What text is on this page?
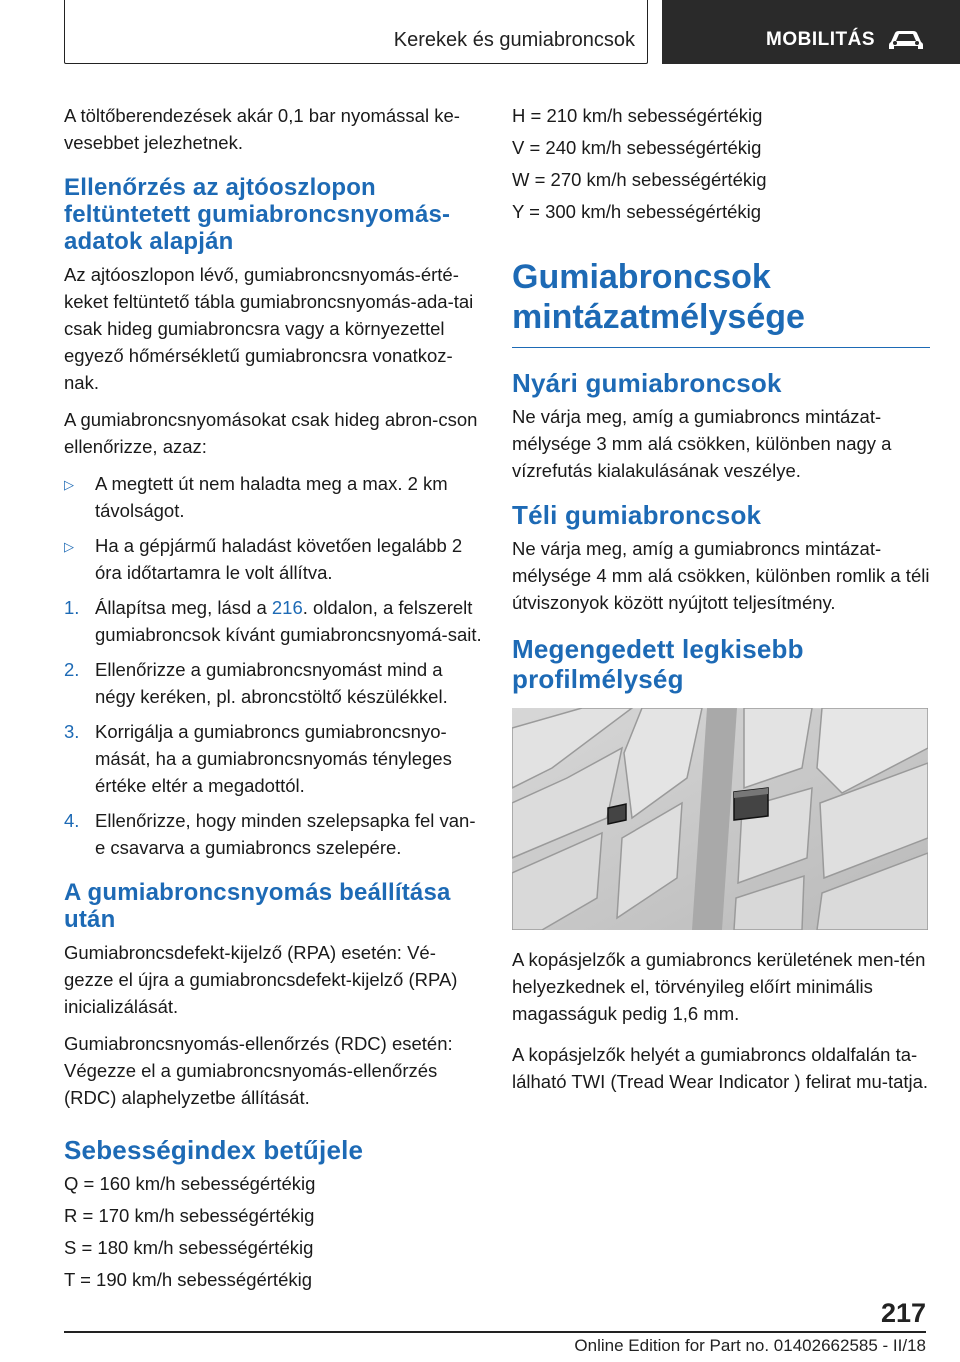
Kerekek és gumiabroncsok	MOBILITÁS

A töltőberendezések akár 0,1 bar nyomással ke-vesebbet jelezhetnek.

Ellenőrzés az ajtóoszlopon feltüntetett gumiabroncsnyomás-adatok alapján

Az ajtóoszlopon lévő, gumiabroncsnyomás-érté-keket feltüntető tábla gumiabroncsnyomás-ada-tai csak hideg gumiabroncsra vagy a környezettel egyező hőmérsékletű gumiabroncsra vonatkoz-nak.

A gumiabroncsnyomásokat csak hideg abron-cson ellenőrizze, azaz:

▷	A megtett út nem haladta meg a max. 2 km távolságot.
▷	Ha a gépjármű haladást követően legalább 2 óra időtartamra le volt állítva.
1. Állapítsa meg, lásd a 216. oldalon, a felszerelt gumiabroncsok kívánt gumiabroncsnyomá-sait.
2. Ellenőrizze a gumiabroncsnyomást mind a négy keréken, pl. abroncstöltő készülékkel.
3. Korrigálja a gumiabroncs gumiabroncsnyo-mását, ha a gumiabroncsnyomás tényleges értéke eltér a megadottól.
4. Ellenőrizze, hogy minden szelepsapka fel van-e csavarva a gumiabroncs szelepére.
A gumiabroncsnyomás beállítása után

Gumiabroncsdefekt-kijelző (RPA) esetén: Vé-gezze el újra a gumiabroncsdefekt-kijelző (RPA) inicializálását.

Gumiabroncsnyomás-ellenőrzés (RDC) esetén: Végezze el a gumiabroncsnyomás-ellenőrzés (RDC) alaphelyzetbe állítását.

Sebességindex betűjele

Q = 160 km/h sebességértékig

R = 170 km/h sebességértékig

S = 180 km/h sebességértékig

T = 190 km/h sebességértékig

H = 210 km/h sebességértékig

V = 240 km/h sebességértékig

W = 270 km/h sebességértékig

Y = 300 km/h sebességértékig

Gumiabroncsok mintázatmélysége
Nyári gumiabroncsok

Ne várja meg, amíg a gumiabroncs mintázat-mélysége 3 mm alá csökken, különben nagy a vízrefutás kialakulásának veszélye.

Téli gumiabroncsok

Ne várja meg, amíg a gumiabroncs mintázat-mélysége 4 mm alá csökken, különben romlik a téli útviszonyok között nyújtott teljesítmény.

Megengedett legkisebb profilmélység

A kopásjelzők a gumiabroncs kerületének men-tén helyezkednek el, törvényileg előírt minimális magasságuk pedig 1,6 mm.

A kopásjelzők helyét a gumiabroncs oldalfalán ta-lálható TWI (Tread Wear Indicator ) felirat mu-tatja.

217
Online Edition for Part no. 01402662585 - II/18
